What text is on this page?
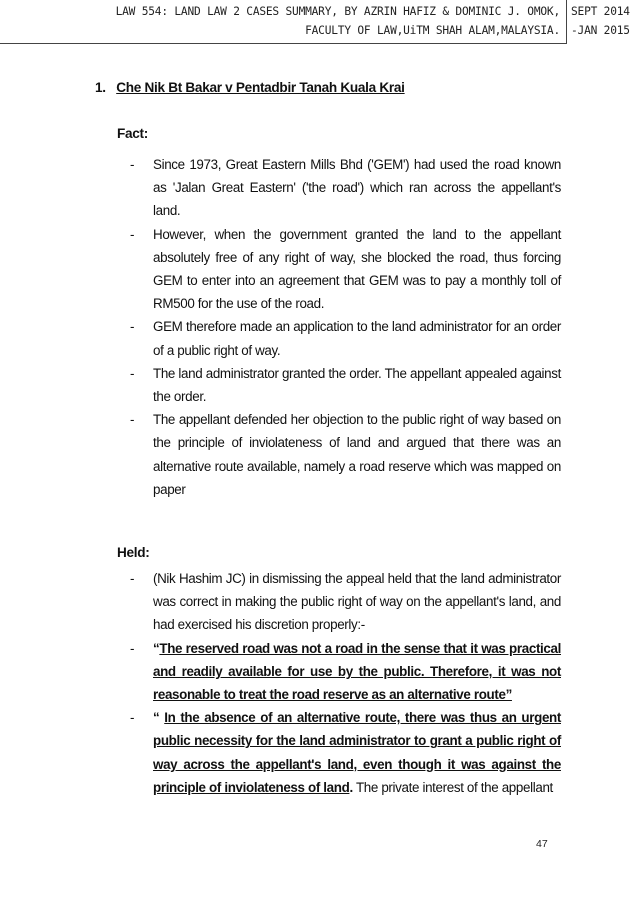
LAW 554: LAND LAW 2 CASES SUMMARY, BY AZRIN HAFIZ & DOMINIC J. OMOK,
FACULTY OF LAW,UiTM SHAH ALAM,MALAYSIA.
SEPT 2014
-JAN 2015
1. Che Nik Bt Bakar v Pentadbir Tanah Kuala Krai
Fact:
- Since 1973, Great Eastern Mills Bhd ('GEM') had used the road known as 'Jalan Great Eastern' ('the road') which ran across the appellant's land.
- However, when the government granted the land to the appellant absolutely free of any right of way, she blocked the road, thus forcing GEM to enter into an agreement that GEM was to pay a monthly toll of RM500 for the use of the road.
- GEM therefore made an application to the land administrator for an order of a public right of way.
- The land administrator granted the order. The appellant appealed against the order.
- The appellant defended her objection to the public right of way based on the principle of inviolateness of land and argued that there was an alternative route available, namely a road reserve which was mapped on paper
Held:
- (Nik Hashim JC) in dismissing the appeal held that the land administrator was correct in making the public right of way on the appellant's land, and had exercised his discretion properly:-
- “The reserved road was not a road in the sense that it was practical and readily available for use by the public. Therefore, it was not reasonable to treat the road reserve as an alternative route”
- “ In the absence of an alternative route, there was thus an urgent public necessity for the land administrator to grant a public right of way across the appellant's land, even though it was against the principle of inviolateness of land. The private interest of the appellant
47
